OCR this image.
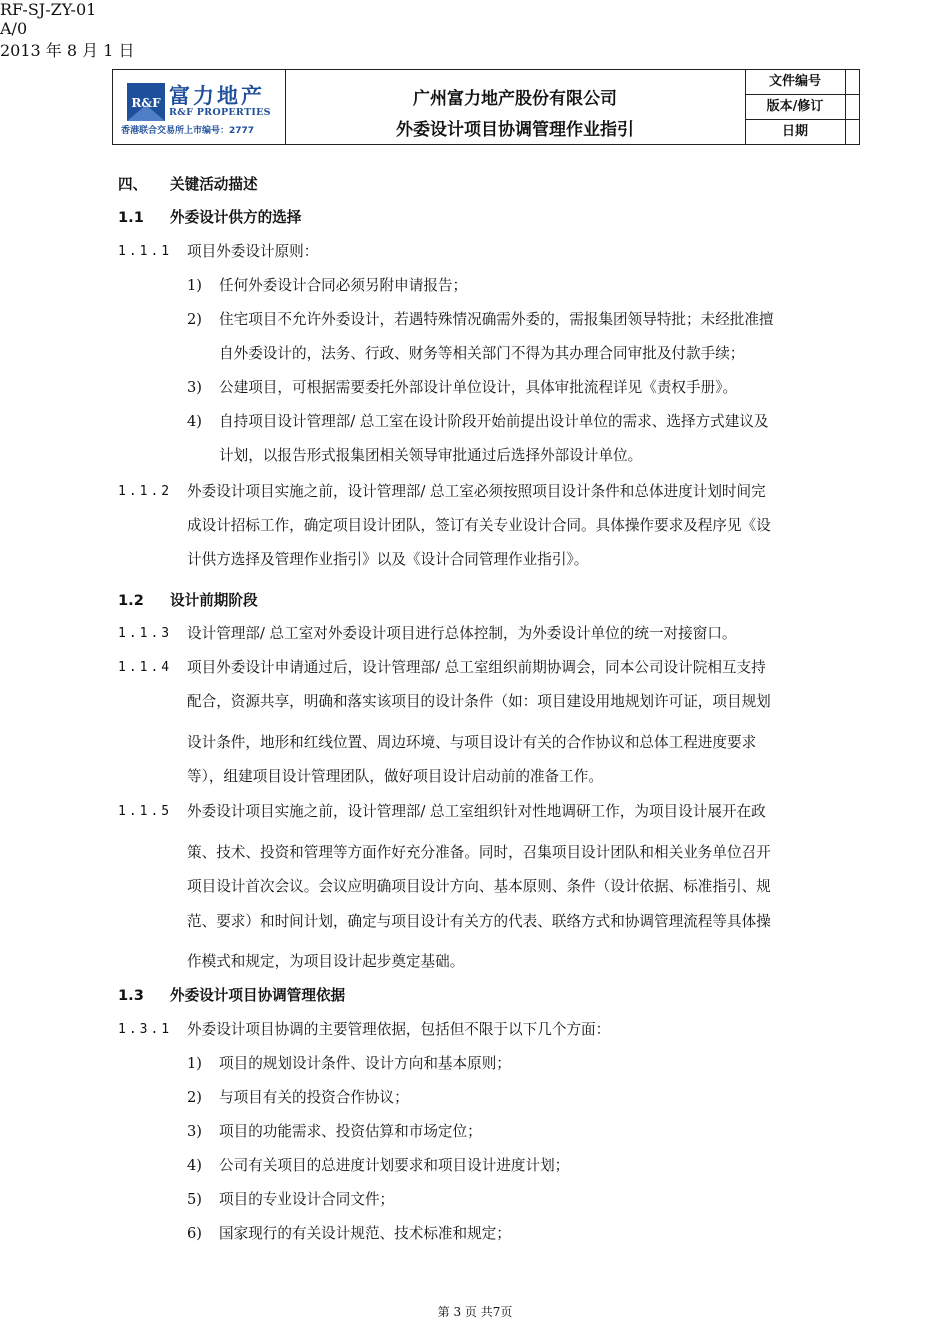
R&F 富力地产
R&F PROPERTIES
香港联合交易所上市编号：2777
广州富力地产股份有限公司
外委设计项目协调管理作业指引
文件编号
版本/修订
日期
RF-SJ-ZY-01
A/0
2013 年 8 月 1 日
四、 关键活动描述
1.1 外委设计供方的选择
1.1.1 项目外委设计原则：
1) 任何外委设计合同必须另附申请报告；
2) 住宅项目不允许外委设计，若遇特殊情况确需外委的，需报集团领导特批；未经批准擅
自外委设计的，法务、行政、财务等相关部门不得为其办理合同审批及付款手续；
3) 公建项目，可根据需要委托外部设计单位设计，具体审批流程详见《责权手册》。
4) 自持项目设计管理部/ 总工室在设计阶段开始前提出设计单位的需求、选择方式建议及
计划，以报告形式报集团相关领导审批通过后选择外部设计单位。
1.1.2 外委设计项目实施之前，设计管理部/ 总工室必须按照项目设计条件和总体进度计划时间完
成设计招标工作，确定项目设计团队，签订有关专业设计合同。具体操作要求及程序见《设
计供方选择及管理作业指引》以及《设计合同管理作业指引》。
1.2 设计前期阶段
1.1.3 设计管理部/ 总工室对外委设计项目进行总体控制，为外委设计单位的统一对接窗口。
1.1.4 项目外委设计申请通过后，设计管理部/ 总工室组织前期协调会，同本公司设计院相互支持
配合，资源共享，明确和落实该项目的设计条件（如：项目建设用地规划许可证，项目规划
设计条件，地形和红线位置、周边环境、与项目设计有关的合作协议和总体工程进度要求
等），组建项目设计管理团队，做好项目设计启动前的准备工作。
1.1.5 外委设计项目实施之前，设计管理部/ 总工室组织针对性地调研工作，为项目设计展开在政
策、技术、投资和管理等方面作好充分准备。同时，召集项目设计团队和相关业务单位召开
项目设计首次会议。会议应明确项目设计方向、基本原则、条件（设计依据、标准指引、规
范、要求）和时间计划，确定与项目设计有关方的代表、联络方式和协调管理流程等具体操
作模式和规定，为项目设计起步奠定基础。
1.3 外委设计项目协调管理依据
1.3.1 外委设计项目协调的主要管理依据，包括但不限于以下几个方面：
1) 项目的规划设计条件、设计方向和基本原则；
2) 与项目有关的投资合作协议；
3) 项目的功能需求、投资估算和市场定位；
4) 公司有关项目的总进度计划要求和项目设计进度计划；
5) 项目的专业设计合同文件；
6) 国家现行的有关设计规范、技术标准和规定；
第 3 页 共7页
